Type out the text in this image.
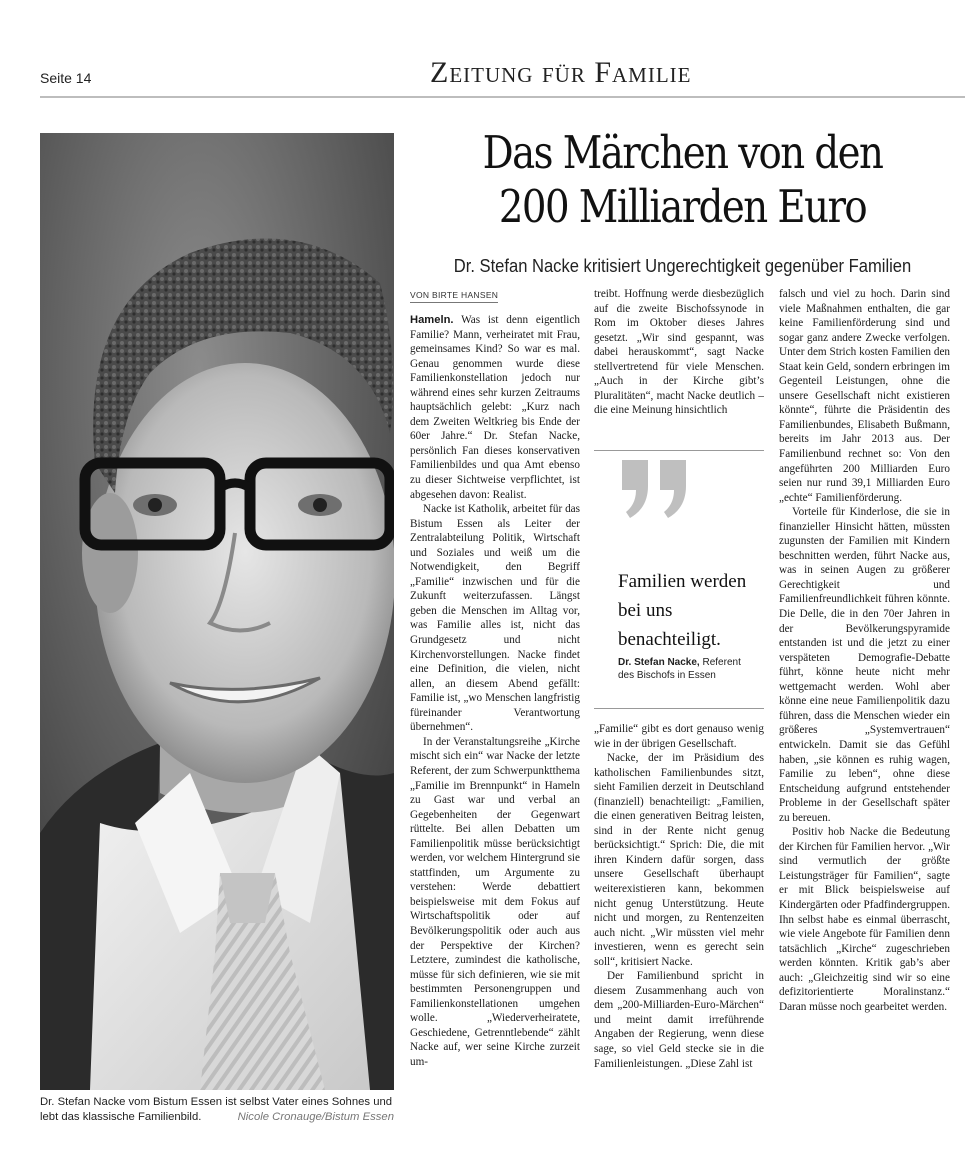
Seite 14	Zeitung für Familie
Dr. Stefan Nacke vom Bistum Essen ist selbst Vater eines Sohnes und lebt das klassische Familienbild.	Nicole Cronauge/Bistum Essen
Das Märchen von den 200 Milliarden Euro
Dr. Stefan Nacke kritisiert Ungerechtigkeit gegenüber Familien
VON BIRTE HANSEN

Hameln. Was ist denn eigentlich Familie? Mann, verheiratet mit Frau, gemeinsames Kind? So war es mal. Genau genommen wurde diese Familienkonstellation jedoch nur während eines sehr kurzen Zeitraums hauptsächlich gelebt: „Kurz nach dem Zweiten Weltkrieg bis Ende der 60er Jahre.“ Dr. Stefan Nacke, persönlich Fan dieses konservativen Familienbildes und qua Amt ebenso zu dieser Sichtweise verpflichtet, ist abgesehen davon: Realist.

Nacke ist Katholik, arbeitet für das Bistum Essen als Leiter der Zentralabteilung Politik, Wirtschaft und Soziales und weiß um die Notwendigkeit, den Begriff „Familie“ inzwischen und für die Zukunft weiterzufassen. Längst geben die Menschen im Alltag vor, was Familie alles ist, nicht das Grundgesetz und nicht Kirchenvorstellungen. Nacke findet eine Definition, die vielen, nicht allen, an diesem Abend gefällt: Familie ist, „wo Menschen langfristig füreinander Verantwortung übernehmen“.

In der Veranstaltungsreihe „Kirche mischt sich ein“ war Nacke der letzte Referent, der zum Schwerpunktthema „Familie im Brennpunkt“ in Hameln zu Gast war und verbal an Gegebenheiten der Gegenwart rüttelte. Bei allen Debatten um Familienpolitik müsse berücksichtigt werden, vor welchem Hintergrund sie stattfinden, um Argumente zu verstehen: Werde debattiert beispielsweise mit dem Fokus auf Wirtschaftspolitik oder auf Bevölkerungspolitik oder auch aus der Perspektive der Kirchen? Letztere, zumindest die katholische, müsse für sich definieren, wie sie mit bestimmten Personengruppen und Familienkonstellationen umgehen wolle. „Wiederverheiratete, Geschiedene, Getrenntlebende“ zählt Nacke auf, wer seine Kirche zurzeit um-

treibt. Hoffnung werde diesbezüglich auf die zweite Bischofssynode in Rom im Oktober dieses Jahres gesetzt. „Wir sind gespannt, was dabei herauskommt“, sagt Nacke stellvertretend für viele Menschen. „Auch in der Kirche gibt’s Pluralitäten“, macht Nacke deutlich – die eine Meinung hinsichtlich

Familien werden bei uns benachteiligt.
Dr. Stefan Nacke, Referent des Bischofs in Essen

„Familie“ gibt es dort genauso wenig wie in der übrigen Gesellschaft.

Nacke, der im Präsidium des katholischen Familienbundes sitzt, sieht Familien derzeit in Deutschland (finanziell) benachteiligt: „Familien, die einen generativen Beitrag leisten, sind in der Rente nicht genug berücksichtigt.“ Sprich: Die, die mit ihren Kindern dafür sorgen, dass unsere Gesellschaft überhaupt weiterexistieren kann, bekommen nicht genug Unterstützung. Heute nicht und morgen, zu Rentenzeiten auch nicht. „Wir müssten viel mehr investieren, wenn es gerecht sein soll“, kritisiert Nacke.

Der Familienbund spricht in diesem Zusammenhang auch von dem „200-Milliarden-Euro-Märchen“ und meint damit irreführende Angaben der Regierung, wenn diese sage, so viel Geld stecke sie in die Familienleistungen. „Diese Zahl ist

falsch und viel zu hoch. Darin sind viele Maßnahmen enthalten, die gar keine Familienförderung sind und sogar ganz andere Zwecke verfolgen. Unter dem Strich kosten Familien den Staat kein Geld, sondern erbringen im Gegenteil Leistungen, ohne die unsere Gesellschaft nicht existieren könnte“, führte die Präsidentin des Familienbundes, Elisabeth Bußmann, bereits im Jahr 2013 aus. Der Familienbund rechnet so: Von den angeführten 200 Milliarden Euro seien nur rund 39,1 Milliarden Euro „echte“ Familienförderung.

Vorteile für Kinderlose, die sie in finanzieller Hinsicht hätten, müssten zugunsten der Familien mit Kindern beschnitten werden, führt Nacke aus, was in seinen Augen zu größerer Gerechtigkeit und Familienfreundlichkeit führen könnte. Die Delle, die in den 70er Jahren in der Bevölkerungspyramide entstanden ist und die jetzt zu einer verspäteten Demografie-Debatte führt, könne heute nicht mehr wettgemacht werden. Wohl aber könne eine neue Familienpolitik dazu führen, dass die Menschen wieder ein größeres „Systemvertrauen“ entwickeln. Damit sie das Gefühl haben, „sie können es ruhig wagen, Familie zu leben“, ohne diese Entscheidung aufgrund entstehender Probleme in der Gesellschaft später zu bereuen.

Positiv hob Nacke die Bedeutung der Kirchen für Familien hervor. „Wir sind vermutlich der größte Leistungsträger für Familien“, sagte er mit Blick beispielsweise auf Kindergärten oder Pfadfindergruppen. Ihn selbst habe es einmal überrascht, wie viele Angebote für Familien denn tatsächlich „Kirche“ zugeschrieben werden könnten. Kritik gab’s aber auch: „Gleichzeitig sind wir so eine defizitorientierte Moralinstanz.“ Daran müsse noch gearbeitet werden.
